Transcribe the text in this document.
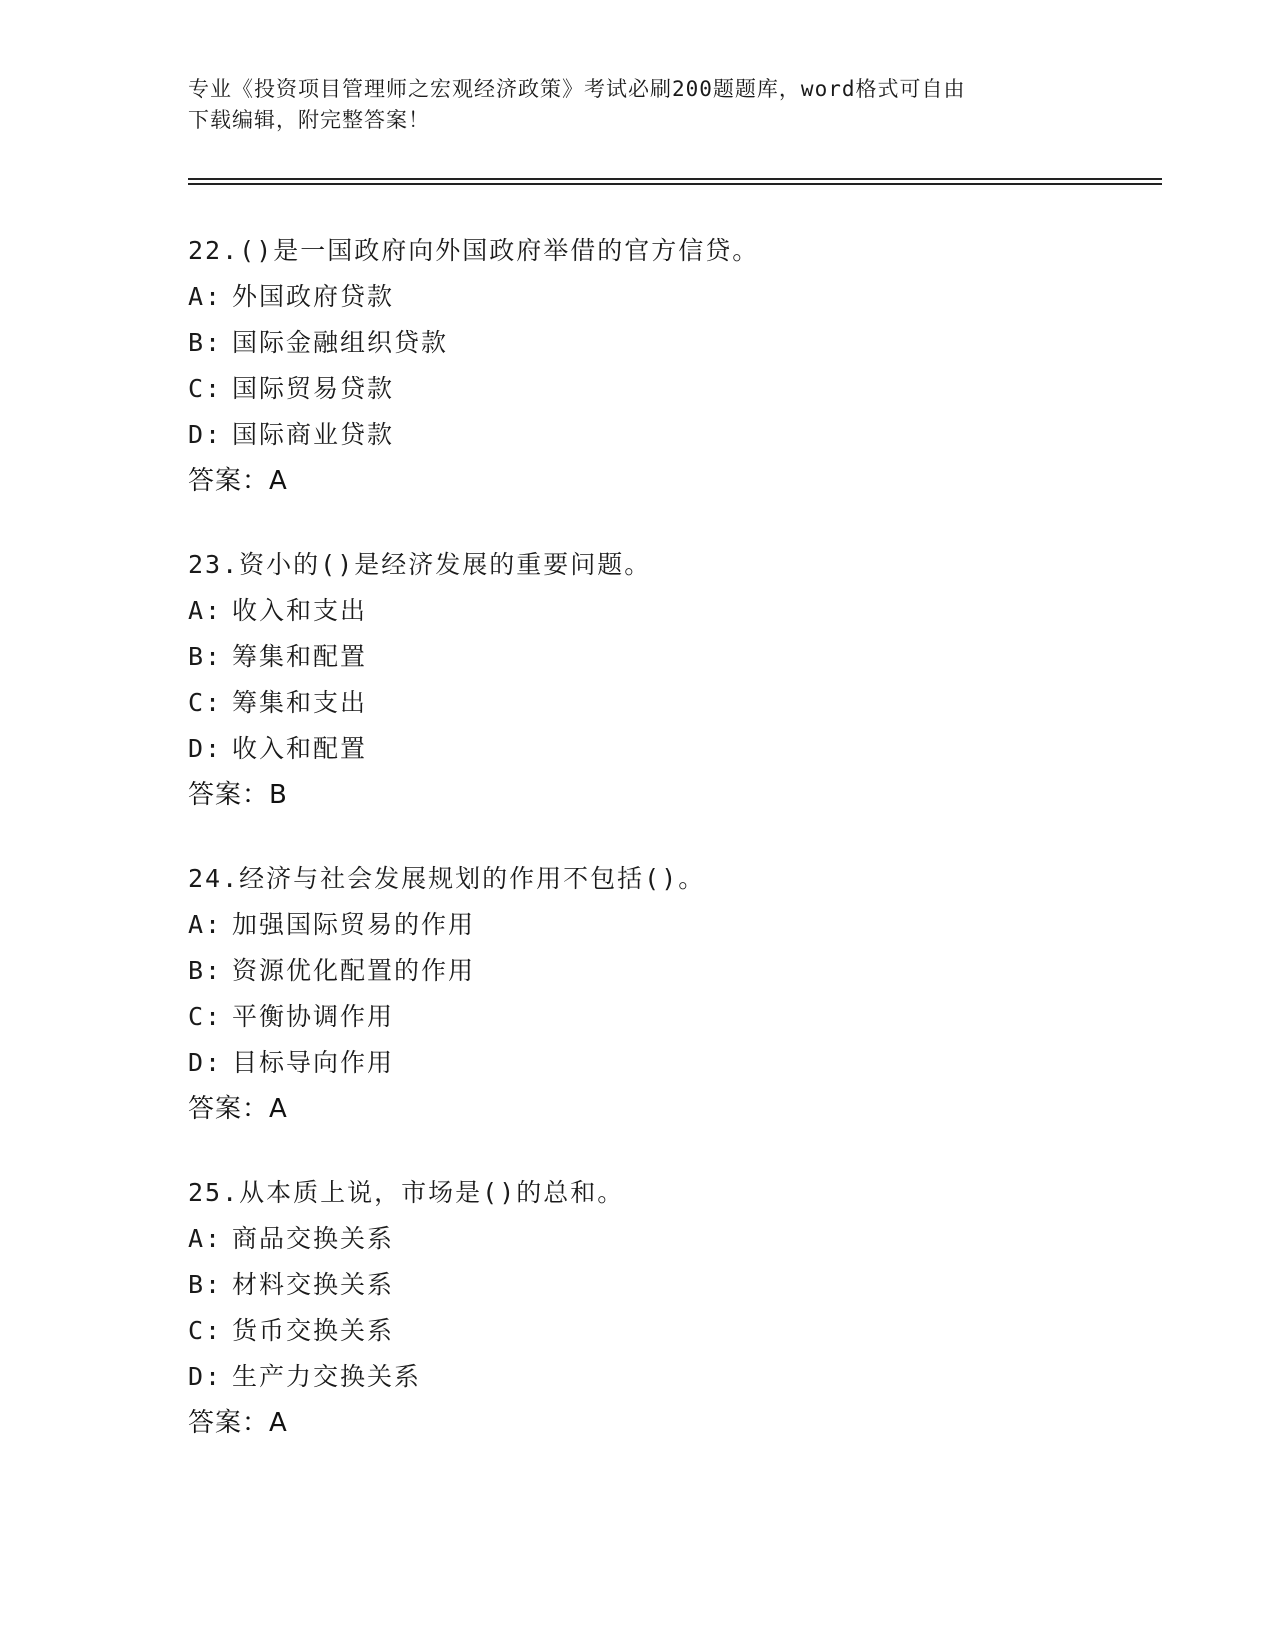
专业《投资项目管理师之宏观经济政策》考试必刷200题题库，word格式可自由
下载编辑，附完整答案！
22.()是一国政府向外国政府举借的官方信贷。
A: 外国政府贷款
B: 国际金融组织贷款
C: 国际贸易贷款
D: 国际商业贷款
答案：A
23.资小的()是经济发展的重要问题。
A: 收入和支出
B: 筹集和配置
C: 筹集和支出
D: 收入和配置
答案：B
24.经济与社会发展规划的作用不包括()。
A: 加强国际贸易的作用
B: 资源优化配置的作用
C: 平衡协调作用
D: 目标导向作用
答案：A
25.从本质上说，市场是()的总和。
A: 商品交换关系
B: 材料交换关系
C: 货币交换关系
D: 生产力交换关系
答案：A
